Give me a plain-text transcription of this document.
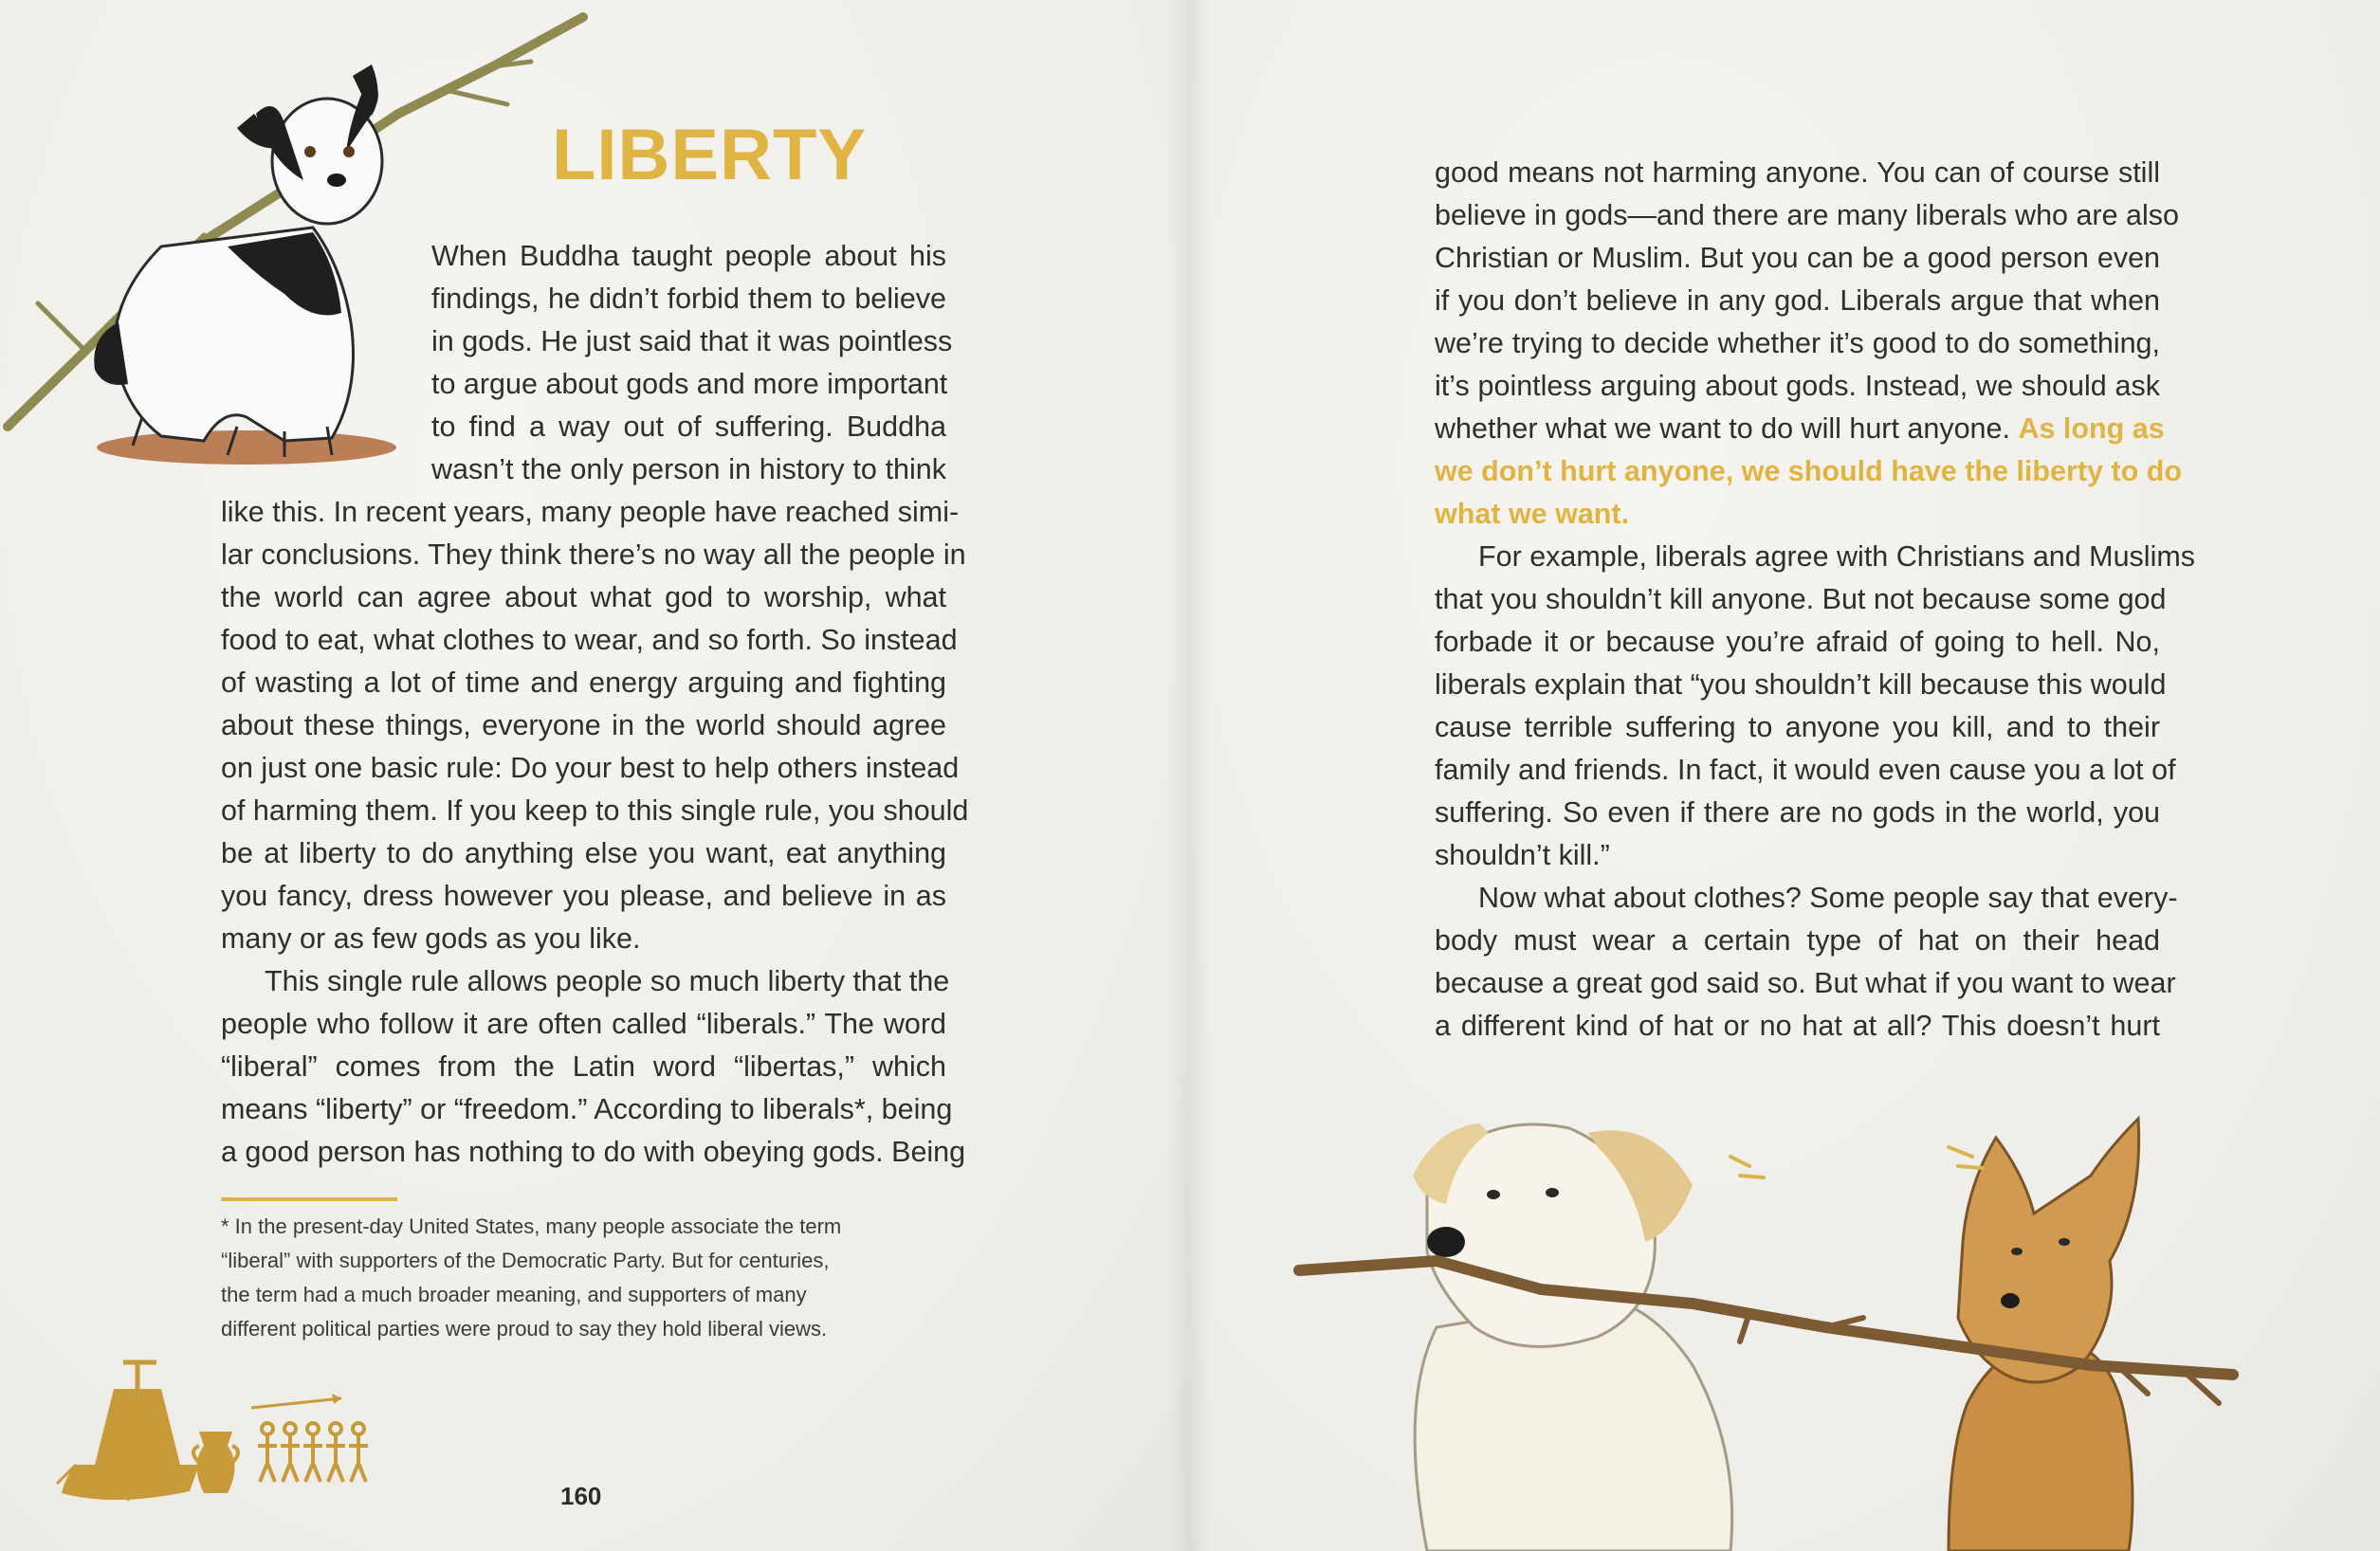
LIBERTY
When Buddha taught people about his
findings, he didn’t forbid them to believe
in gods. He just said that it was pointless
to argue about gods and more important
to find a way out of suffering. Buddha
wasn’t the only person in history to think
like this. In recent years, many people have reached simi-
lar conclusions. They think there’s no way all the people in
the world can agree about what god to worship, what
food to eat, what clothes to wear, and so forth. So instead
of wasting a lot of time and energy arguing and fighting
about these things, everyone in the world should agree
on just one basic rule: Do your best to help others instead
of harming them. If you keep to this single rule, you should
be at liberty to do anything else you want, eat anything
you fancy, dress however you please, and believe in as
many or as few gods as you like.
This single rule allows people so much liberty that the
people who follow it are often called “liberals.” The word
“liberal” comes from the Latin word “libertas,” which
means “liberty” or “freedom.” According to liberals*, being
a good person has nothing to do with obeying gods. Being
* In the present-day United States, many people associate the term
“liberal” with supporters of the Democratic Party. But for centuries,
the term had a much broader meaning, and supporters of many
different political parties were proud to say they hold liberal views.
160
good means not harming anyone. You can of course still
believe in gods—and there are many liberals who are also
Christian or Muslim. But you can be a good person even
if you don’t believe in any god. Liberals argue that when
we’re trying to decide whether it’s good to do something,
it’s pointless arguing about gods. Instead, we should ask
whether what we want to do will hurt anyone. As long as
we don’t hurt anyone, we should have the liberty to do
what we want.
For example, liberals agree with Christians and Muslims
that you shouldn’t kill anyone. But not because some god
forbade it or because you’re afraid of going to hell. No,
liberals explain that “you shouldn’t kill because this would
cause terrible suffering to anyone you kill, and to their
family and friends. In fact, it would even cause you a lot of
suffering. So even if there are no gods in the world, you
shouldn’t kill.”
Now what about clothes? Some people say that every-
body must wear a certain type of hat on their head
because a great god said so. But what if you want to wear
a different kind of hat or no hat at all? This doesn’t hurt
